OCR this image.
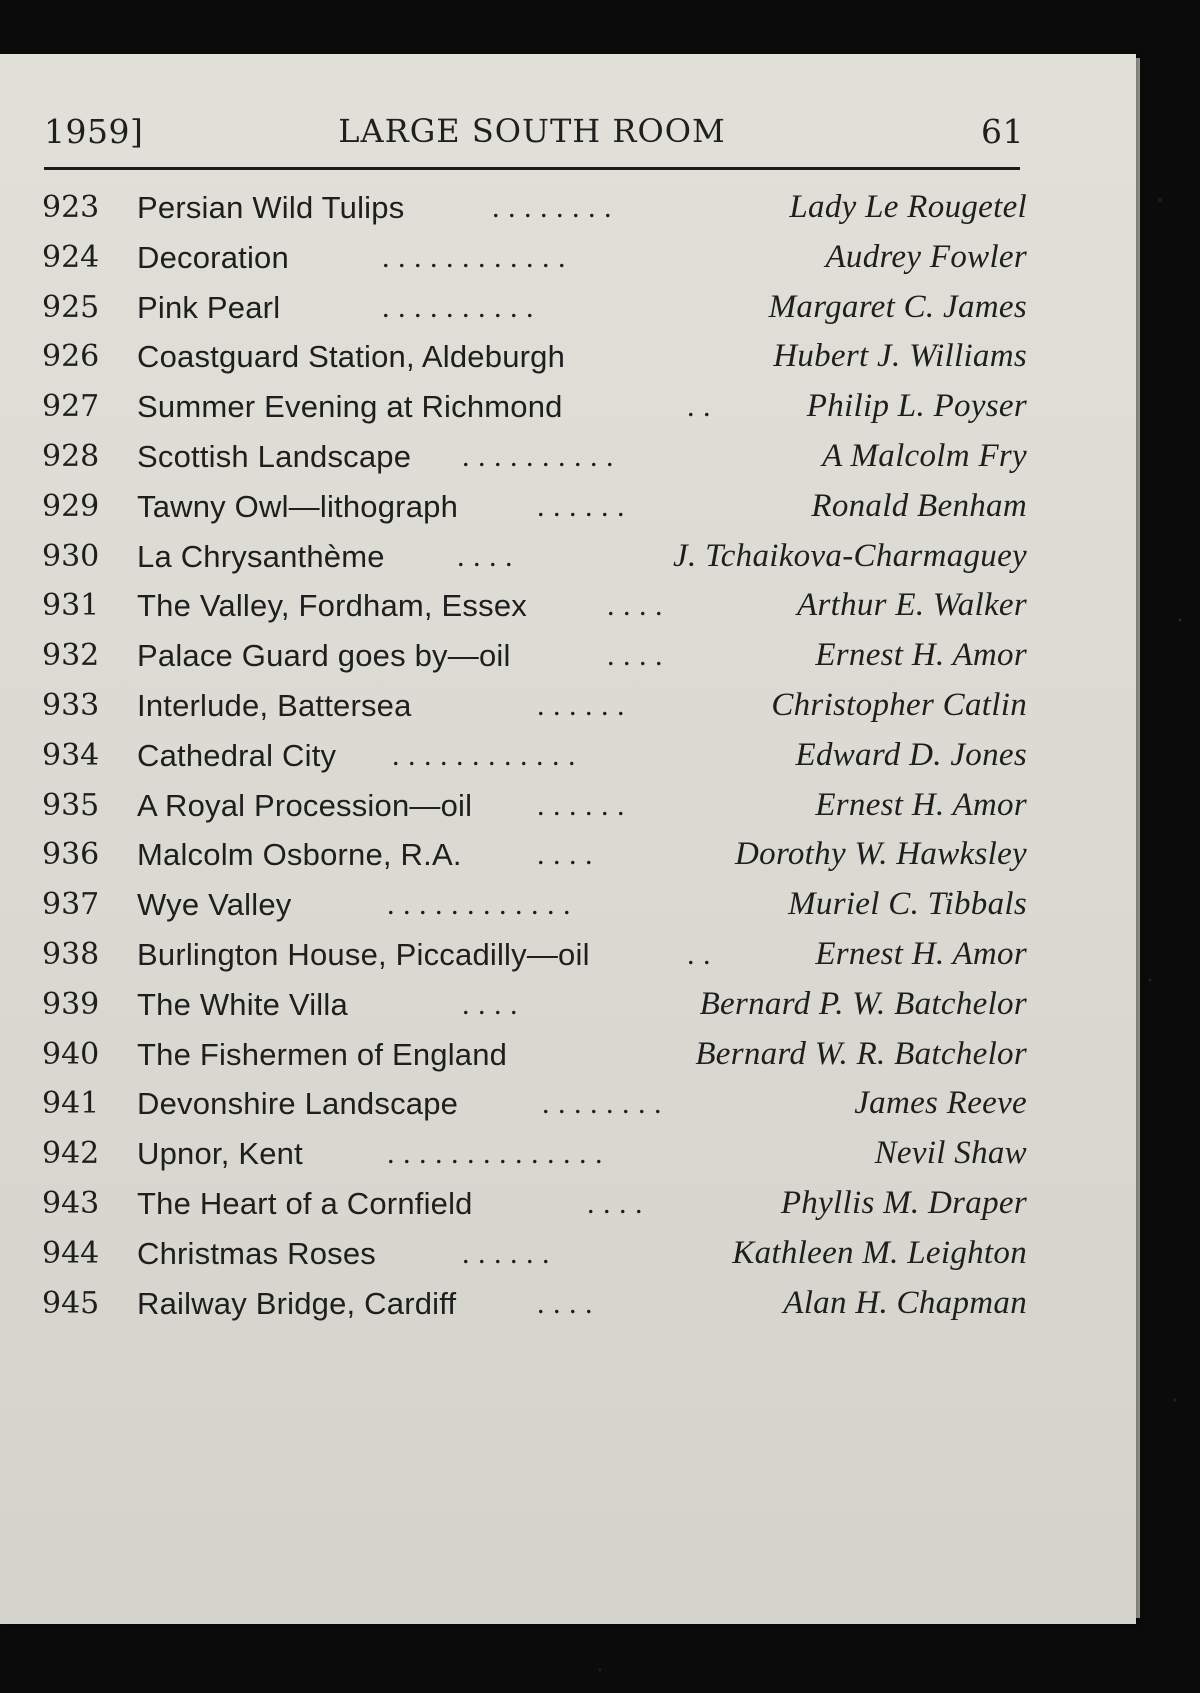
1959]	LARGE SOUTH ROOM	61
923 Persian Wild Tulips	. . . . . . . .	Lady Le Rougetel
924 Decoration	. . . . . . . . . . . .	Audrey Fowler
925 Pink Pearl	. . . . . . . . . .	Margaret C. James
926 Coastguard Station, Aldeburgh	Hubert J. Williams
927 Summer Evening at Richmond	. .	Philip L. Poyser
928 Scottish Landscape . . . . . . . . . .	A Malcolm Fry
929 Tawny Owl—lithograph	. . . . . .	Ronald Benham
930 La Chrysanthème . . . .	J. Tchaikova-Charmaguey
931 The Valley, Fordham, Essex	. . . .	Arthur E. Walker
932 Palace Guard goes by—oil	. . . .	Ernest H. Amor
933 Interlude, Battersea	. . . . . .	Christopher Catlin
934 Cathedral City . . . . . . . . . . . .	Edward D. Jones
935 A Royal Procession—oil . . . . . .	Ernest H. Amor
936 Malcolm Osborne, R.A.	. . . .	Dorothy W. Hawksley
937 Wye Valley	. . . . . . . . . . . .	Muriel C. Tibbals
938 Burlington House, Piccadilly—oil	. .	Ernest H. Amor
939 The White Villa	. . . .	Bernard P. W. Batchelor
940 The Fishermen of England	Bernard W. R. Batchelor
941 Devonshire Landscape	. . . . . . . .	James Reeve
942 Upnor, Kent	. . . . . . . . . . . . . .	Nevil Shaw
943 The Heart of a Cornfield	. . . .	Phyllis M. Draper
944 Christmas Roses	. . . . . .	Kathleen M. Leighton
945 Railway Bridge, Cardiff	. . . .	Alan H. Chapman
